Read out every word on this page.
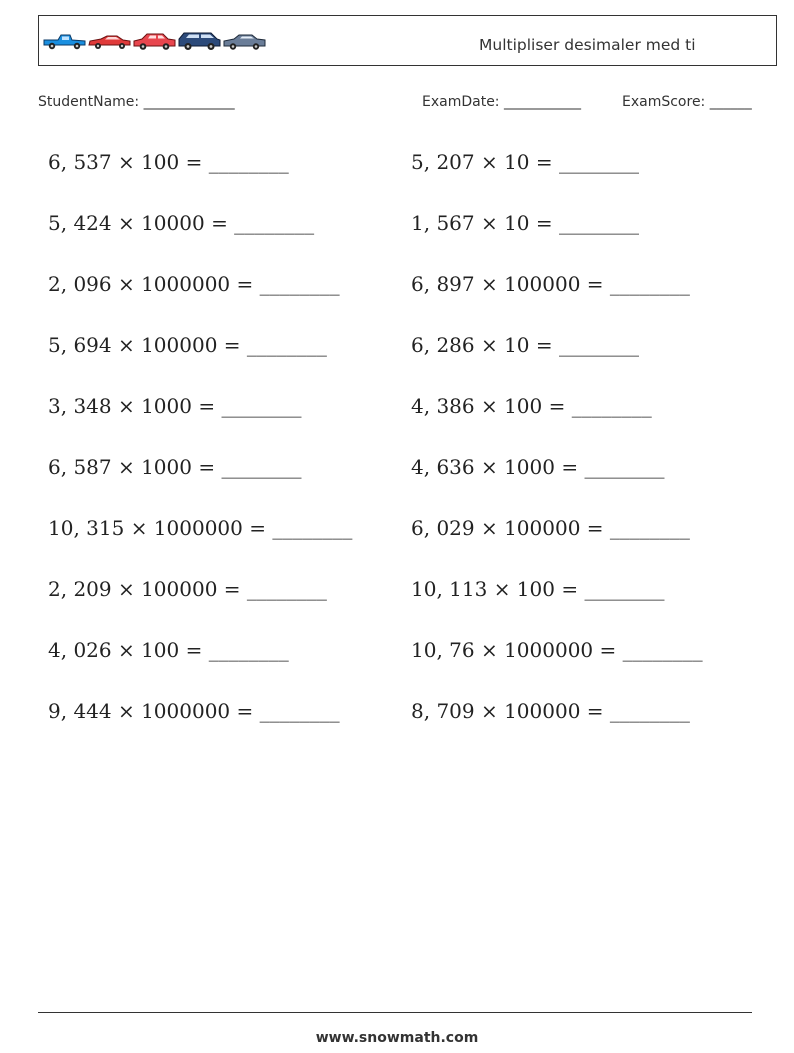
Multipliser desimaler med ti
StudentName: _____________	ExamDate: ___________	ExamScore: ______
6, 537 × 100 = ________
5, 424 × 10000 = ________
2, 096 × 1000000 = ________
5, 694 × 100000 = ________
3, 348 × 1000 = ________
6, 587 × 1000 = ________
10, 315 × 1000000 = ________
2, 209 × 100000 = ________
4, 026 × 100 = ________
9, 444 × 1000000 = ________
5, 207 × 10 = ________
1, 567 × 10 = ________
6, 897 × 100000 = ________
6, 286 × 10 = ________
4, 386 × 100 = ________
4, 636 × 1000 = ________
6, 029 × 100000 = ________
10, 113 × 100 = ________
10, 76 × 1000000 = ________
8, 709 × 100000 = ________
www.snowmath.com
